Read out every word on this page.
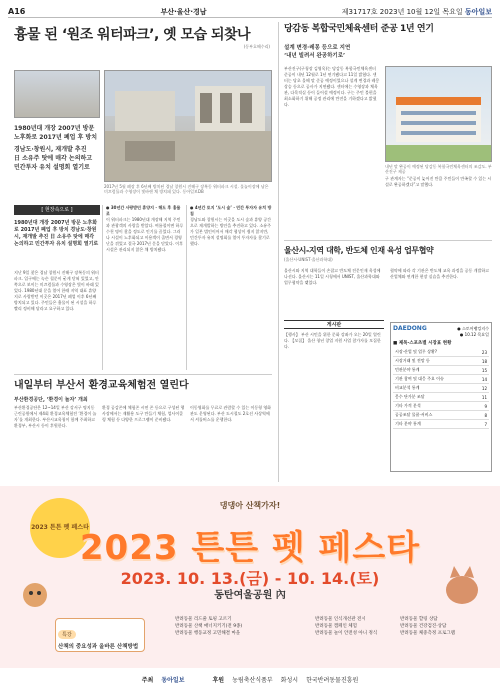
A16	부산·울산·경남	제31717호 2023년 10월 12일 목요일 동아일보
흉물 된 ‘원조 워터파크’, 옛 모습 되찾나
(동부호해수리)
2017년 5월 폐장 후 6년째 방치된 경남 창원시 진해구 장복동 워터파크 시설. 물놀이장에 남은 미끄럼틀과 수영장이 빛바랜 채 방치돼 있다. 동아일보DB
1980년대 개장 2007년 방문
노후화로 2017년 폐업 후 방치
경남도·창원시, 재개발 추진
日 소유주 탓에 매각 논의하고
민간투자 유치 설명회 열기로
[ 현장속으로 ]
1980년대 개장 2007년 방문 노후화로 2017년 폐업 후 방치 경남도·창원시, 재개발 추진 日 소유주 탓에 매각 논의하고 민간투자 유치 설명회 열기로
지난 9일 찾은 경남 창원시 진해구 장복동의 워터파크. 입구에는 녹슨 철문이 굳게 닫혀 있었고, 안쪽으로 보이는 미끄럼틀과 수영장은 빛이 바래 있었다. 1980년대 문을 열어 한때 지역 대표 휴양지로 사랑받던 이곳은 2017년 폐업 이후 6년째 방치되고 있다. 주민들은 흉물이 된 시설을 하루빨리 정비해 달라고 요구하고 있다.
● 30년간 사랑받던 휴양지 · 해도 후 흉물로
이 워터파크는 1980년대 개장해 지역 주민과 관광객의 사랑을 받았다. 여름철이면 하루 수천 명이 찾을 정도로 인기를 끌었다. 그러나 시설이 노후화되고 이용객이 줄면서 경영난을 겪었고 결국 2017년 문을 닫았다. 이후 시설은 관리되지 않은 채 방치됐다.
● 4년간 토지 ‘도시 숲’ · 민간 투자자 유치 방침
경남도와 창원시는 이곳을 도시 숲과 휴양 공간으로 재개발하는 방안을 추진하고 있다. 소유주가 일본 법인이어서 매각 협상이 쉽지 않지만, 민간투자 유치 설명회를 열어 투자자를 찾기로 했다.
내일부터 부산서 환경교육체험전 열린다
부산환경공단, ‘환경이 놀자’ 개최
부산환경공단은 12~14일 부산 강서구 명지동 근린공원에서 제4회 환경교육체험전 ‘환경이 놀자’를 개최한다. 부산시교육청이 함께 주최하고 환경부, 부산시 등이 후원한다.
환경 공감존에 체험존 시연 존 등으로 구성된 행사장에서는 재활용 도구 만들기 체험, 업사이클링 체험 등 다양한 프로그램이 준비됐다.
이동영화를 무료로 관람할 수 있는 이동형 영화관도 운영된다. 부산 도시철도 2호선 사상역에서 셔틀버스를 운행한다.
당감동 복합국민체육센터 준공 1년 연기
설계 변경·레몽 등으로 지연
‘내년 빌려서 완공하기로’
부산진구(구청장 김영욱)는 당감동 복합국민체육센터 준공이 내년 12월로 1년 연기됐다고 11일 밝혔다. 센터는 당초 올해 말 준공 예정이었으나 설계 변경과 레몽 상승 등으로 공사가 지연됐다. 센터에는 수영장과 체육관, 다목적실 등이 들어설 예정이다. 구는 주민 불편을 최소화하기 위해 공정 관리에 만전을 기하겠다고 밝혔다.
내년 말 완공이 예정된 당감동 복합국민체육센터의 조감도. 부산진구 제공
구 관계자는 “준공이 늦어진 만큼 주민들이 만족할 수 있는 시설로 완공하겠다”고 말했다.
울산시-지역 대학, 반도체 인재 육성 업무협약
(울산시·UNIST·울산과학대)
울산시와 지역 대학들이 손잡고 반도체 전문인재 육성에 나선다. 울산시는 11일 시청에서 UNIST, 울산과학대와 업무협약을 맺었다.
협약에 따라 각 기관은 반도체 교육 과정을 공동 개발하고 산업체와 연계한 현장 실습을 추진한다.
게시판
【행사】 부산 시민을 위한 문화 강좌가 오는 20일 열린다. 【모집】 울산 청년 창업 지원 사업 참가자를 모집한다.
DAEDONG	● 스토어랭킹지수
● 10.12 목요일
■ 제목·스포츠별 시장표 현황
시장·산업 및 업무 상황?	23
시장거래 및 전망 등	18
민관분야 통계	15
기관 참여 및 대응 주요 이슈	14
비교분석 통계	12
몽수 단가분 조달	11
기타 가격 분석	9
공공조달 물품·서비스	8
기타 분야 통계	7
2023 튼튼 펫 페스타
댕댕아 산책가자!
2023 튼튼 펫 페스타
2023. 10. 13.(금) - 10. 14.(토)
동탄여울공원 內
특강
산책의 중요성과 올바른 산책방법
반려동물 리드줄 토핑 고르기
반려동물 산책 매너지키기(전 9종)
반려동물 행동교정 고민해결 마을
반려동물 인식개선관 전시	반려동물 할링 상담
반려동물 캠페인 체험	반려동물 건강검진·상담
반려동물 놀이 안전성 아니 정식	반려동물 체중측정 프로그램
주최 동아일보	후원 농림축산식품부 화성시 한국반려동물진흥원
